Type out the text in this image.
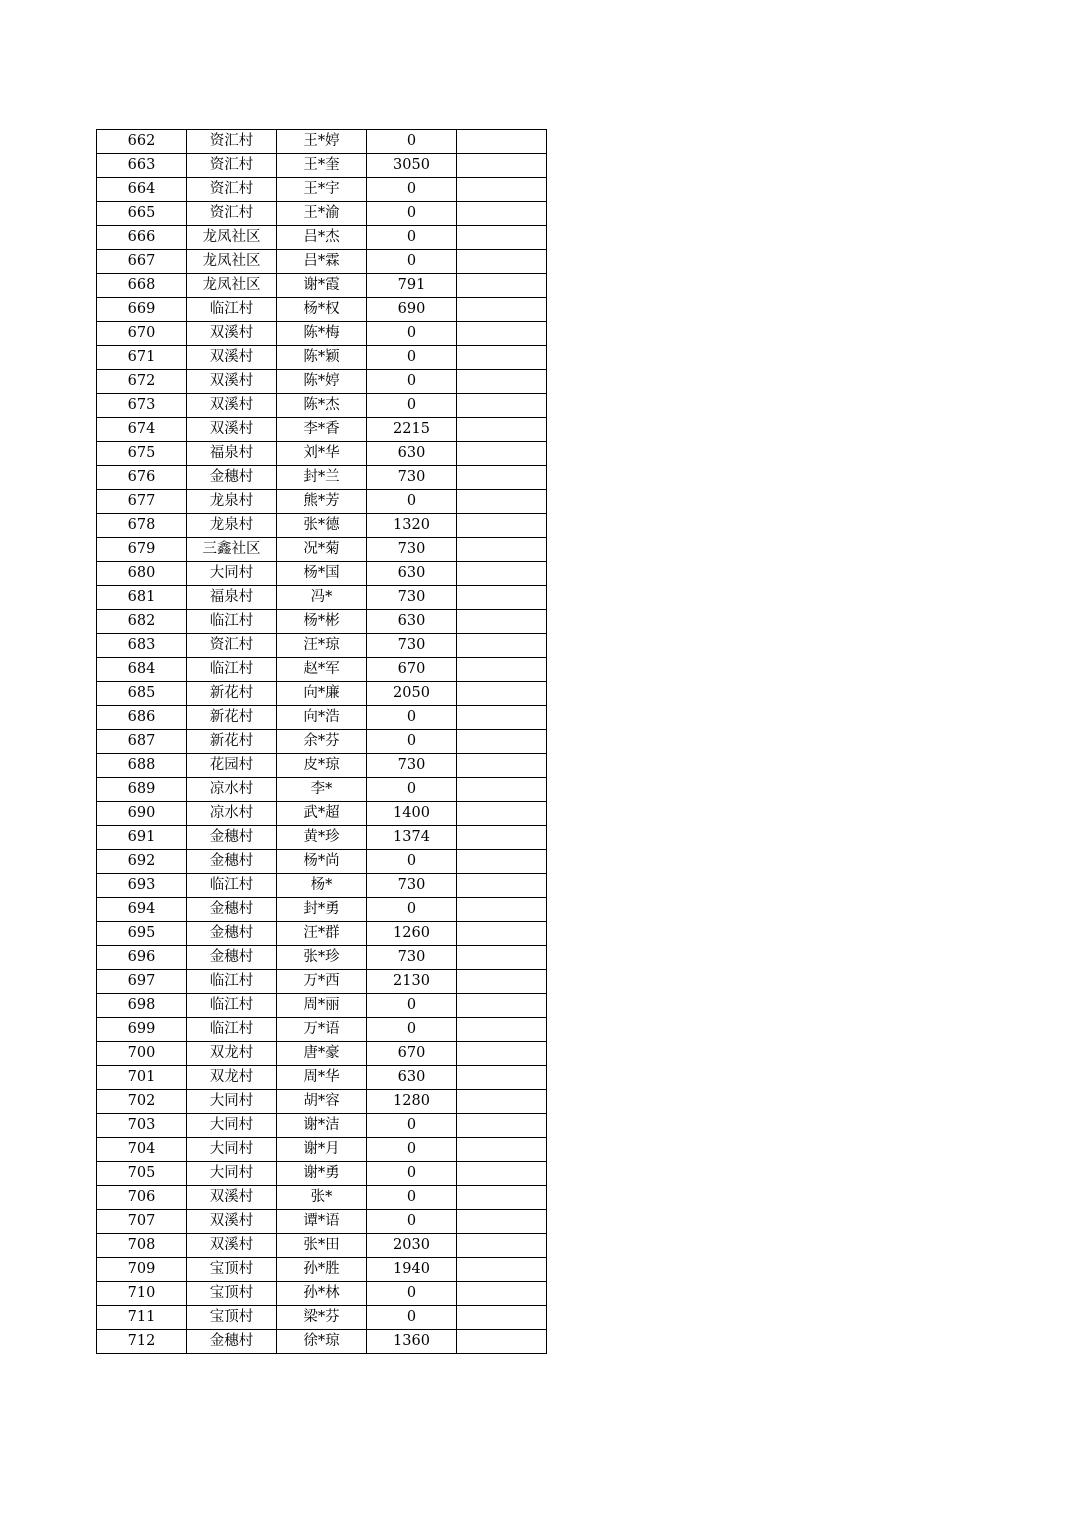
662	资汇村	王*婷	0	
663	资汇村	王*奎	3050	
664	资汇村	王*宇	0	
665	资汇村	王*渝	0	
666	龙凤社区	吕*杰	0	
667	龙凤社区	吕*霖	0	
668	龙凤社区	谢*霞	791	
669	临江村	杨*权	690	
670	双溪村	陈*梅	0	
671	双溪村	陈*颖	0	
672	双溪村	陈*婷	0	
673	双溪村	陈*杰	0	
674	双溪村	李*香	2215	
675	福泉村	刘*华	630	
676	金穗村	封*兰	730	
677	龙泉村	熊*芳	0	
678	龙泉村	张*德	1320	
679	三鑫社区	况*菊	730	
680	大同村	杨*国	630	
681	福泉村	冯*	730	
682	临江村	杨*彬	630	
683	资汇村	汪*琼	730	
684	临江村	赵*军	670	
685	新花村	向*廉	2050	
686	新花村	向*浩	0	
687	新花村	余*芬	0	
688	花园村	皮*琼	730	
689	凉水村	李*	0	
690	凉水村	武*超	1400	
691	金穗村	黄*珍	1374	
692	金穗村	杨*尚	0	
693	临江村	杨*	730	
694	金穗村	封*勇	0	
695	金穗村	汪*群	1260	
696	金穗村	张*珍	730	
697	临江村	万*西	2130	
698	临江村	周*丽	0	
699	临江村	万*语	0	
700	双龙村	唐*豪	670	
701	双龙村	周*华	630	
702	大同村	胡*容	1280	
703	大同村	谢*洁	0	
704	大同村	谢*月	0	
705	大同村	谢*勇	0	
706	双溪村	张*	0	
707	双溪村	谭*语	0	
708	双溪村	张*田	2030	
709	宝顶村	孙*胜	1940	
710	宝顶村	孙*林	0	
711	宝顶村	梁*芬	0	
712	金穗村	徐*琼	1360	
